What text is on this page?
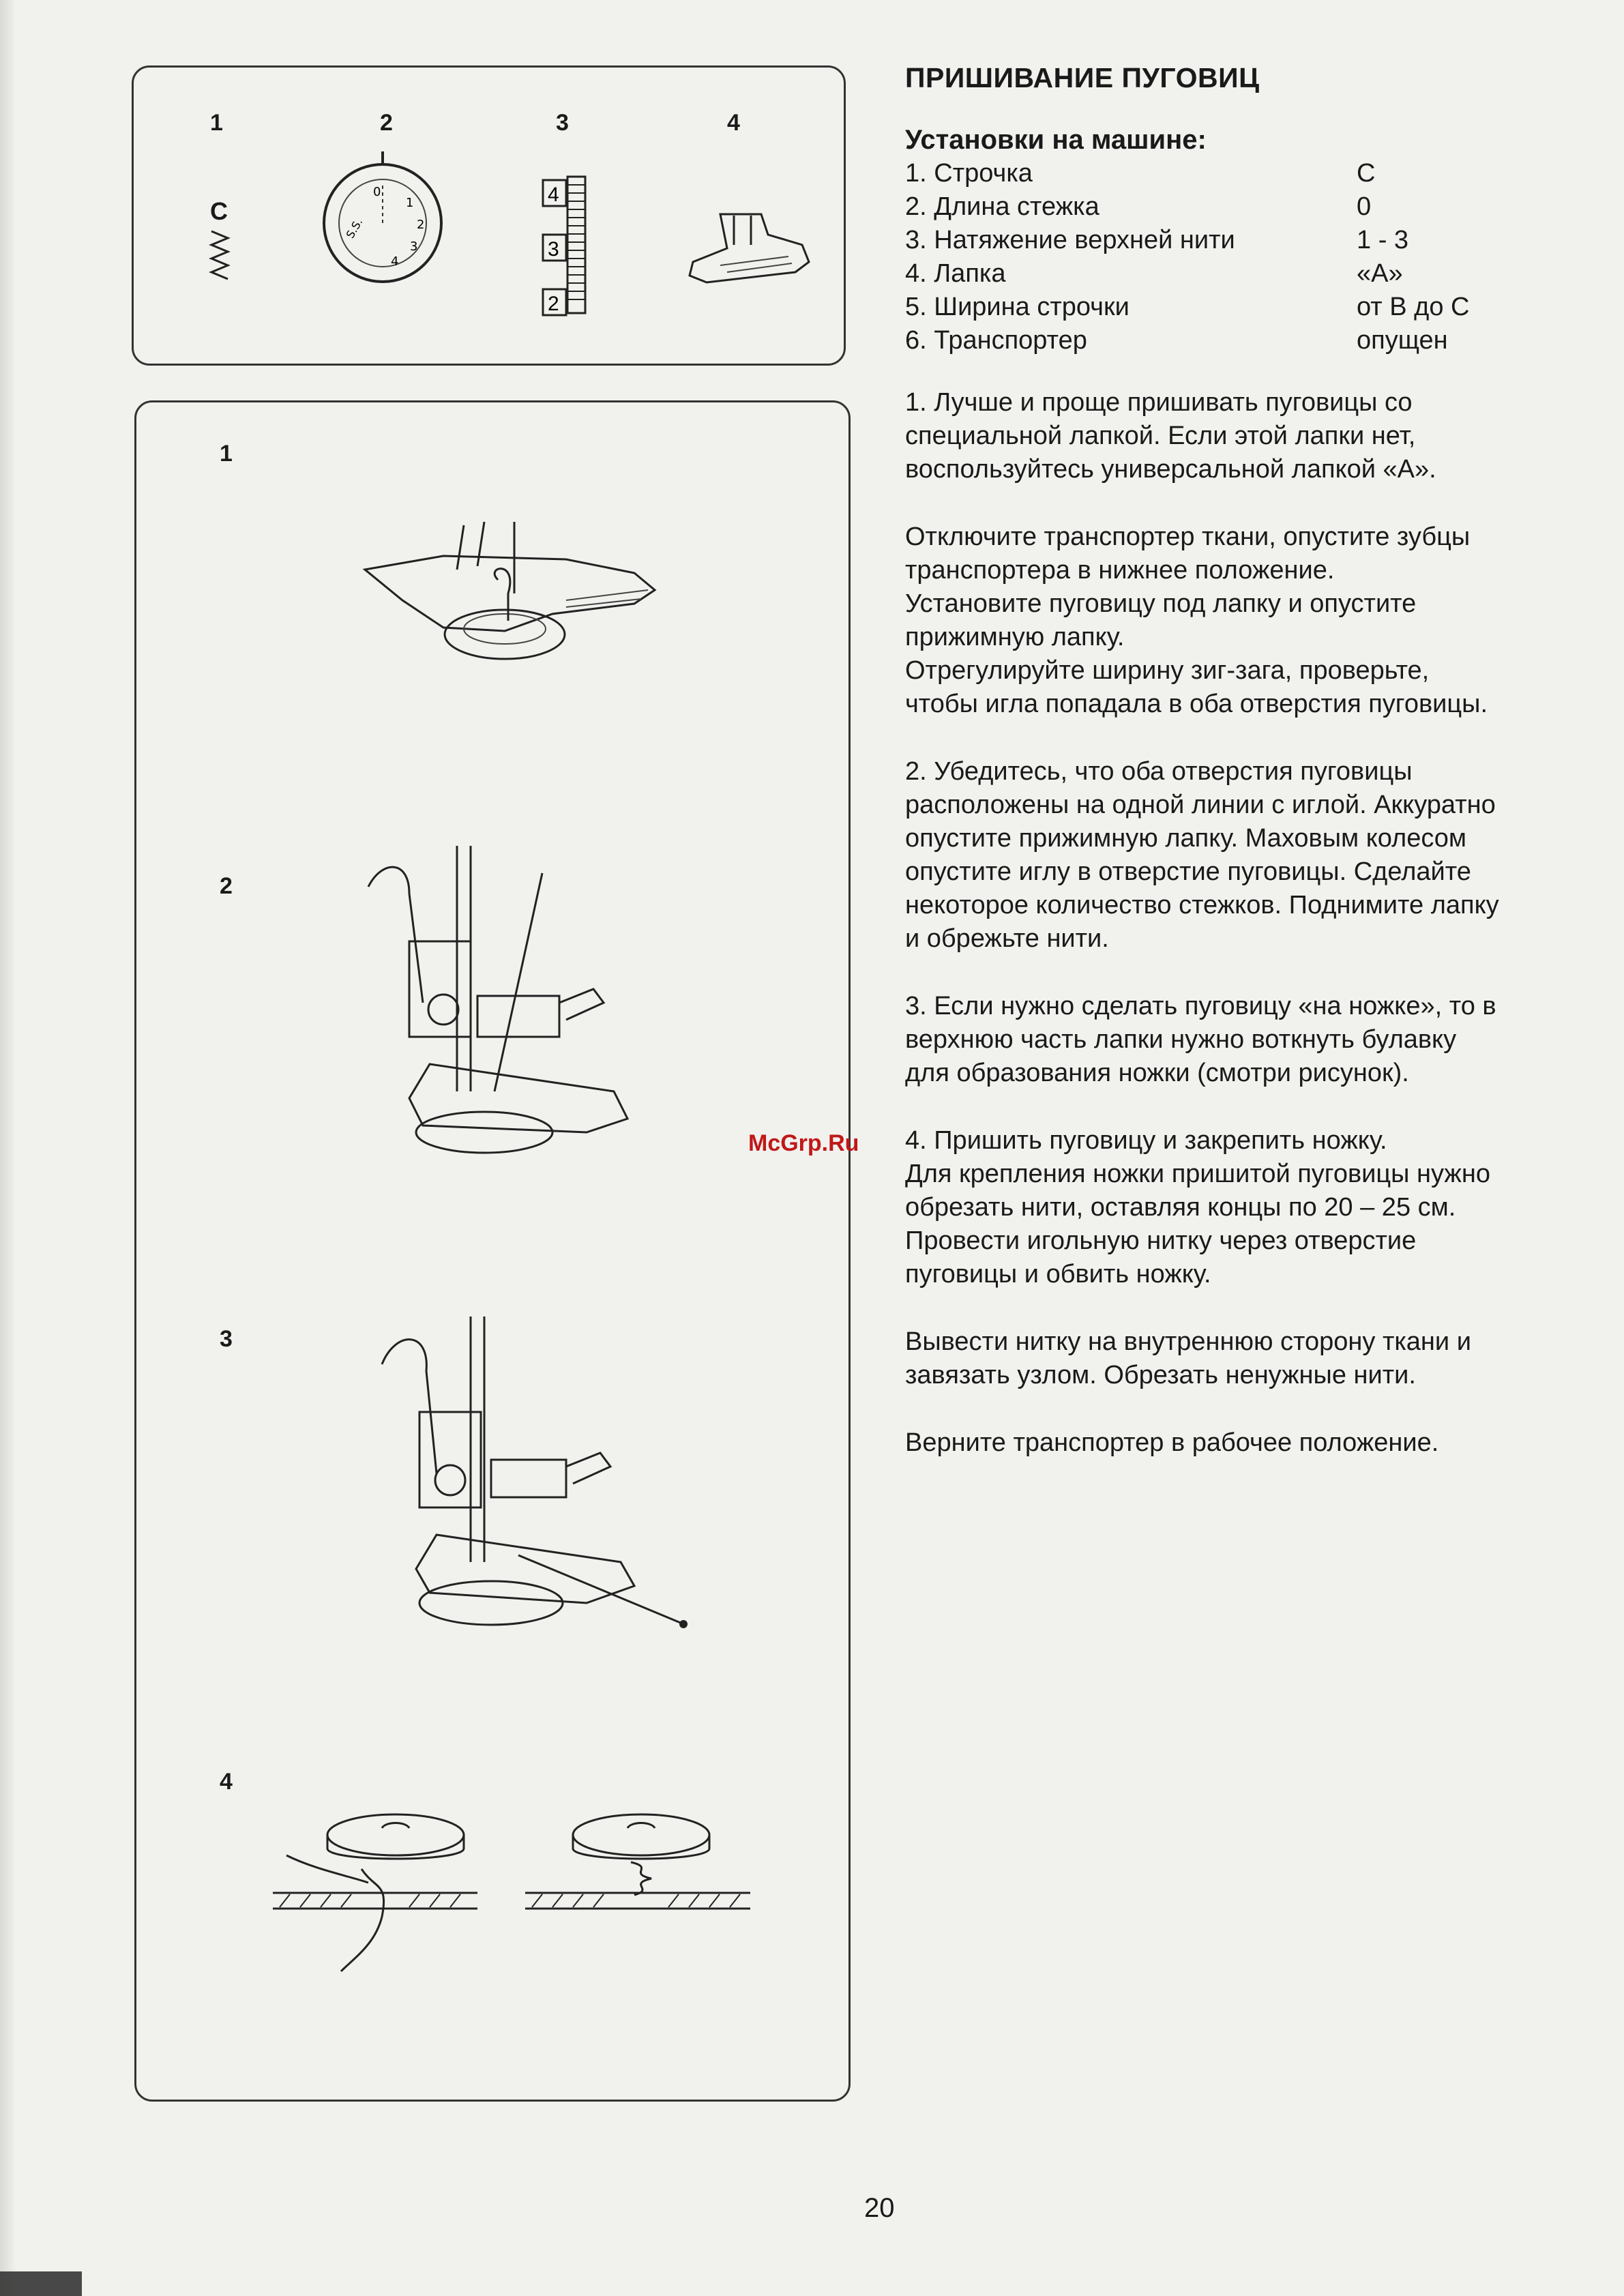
1	2	3	4
C
0
1
2
3
4
S.S.
4
3
2
1
2
3
4
ПРИШИВАНИЕ ПУГОВИЦ
Установки на машине:
1. Строчка	C
2. Длина стежка	0
3. Натяжение верхней нити	1 - 3
4. Лапка	«A»
5. Ширина строчки	от B до C
6. Транспортер	опущен

1. Лучше и проще пришивать пуговицы со
специальной лапкой. Если этой лапки нет,
воспользуйтесь универсальной лапкой «А».

Отключите транспортер ткани, опустите зубцы
транспортера в нижнее положение.
Установите пуговицу под лапку и опустите
прижимную лапку.
Отрегулируйте ширину зиг-зага, проверьте,
чтобы игла попадала в оба отверстия пуговицы.

2. Убедитесь, что оба отверстия пуговицы
расположены на одной линии с иглой. Аккуратно
опустите прижимную лапку. Маховым колесом
опустите иглу в отверстие пуговицы. Сделайте
некоторое количество стежков. Поднимите лапку
и обрежьте нити.

3. Если нужно сделать пуговицу «на ножке», то в
верхнюю часть лапки нужно воткнуть булавку
для образования ножки (смотри рисунок).

4. Пришить пуговицу и закрепить ножку.
Для крепления ножки пришитой пуговицы нужно
обрезать нити, оставляя концы по 20 – 25 см.
Провести игольную нитку через отверстие
пуговицы и обвить ножку.

Вывести нитку на внутреннюю сторону ткани и
завязать узлом. Обрезать ненужные нити.

Верните транспортер в рабочее положение.

McGrp.Ru
20
